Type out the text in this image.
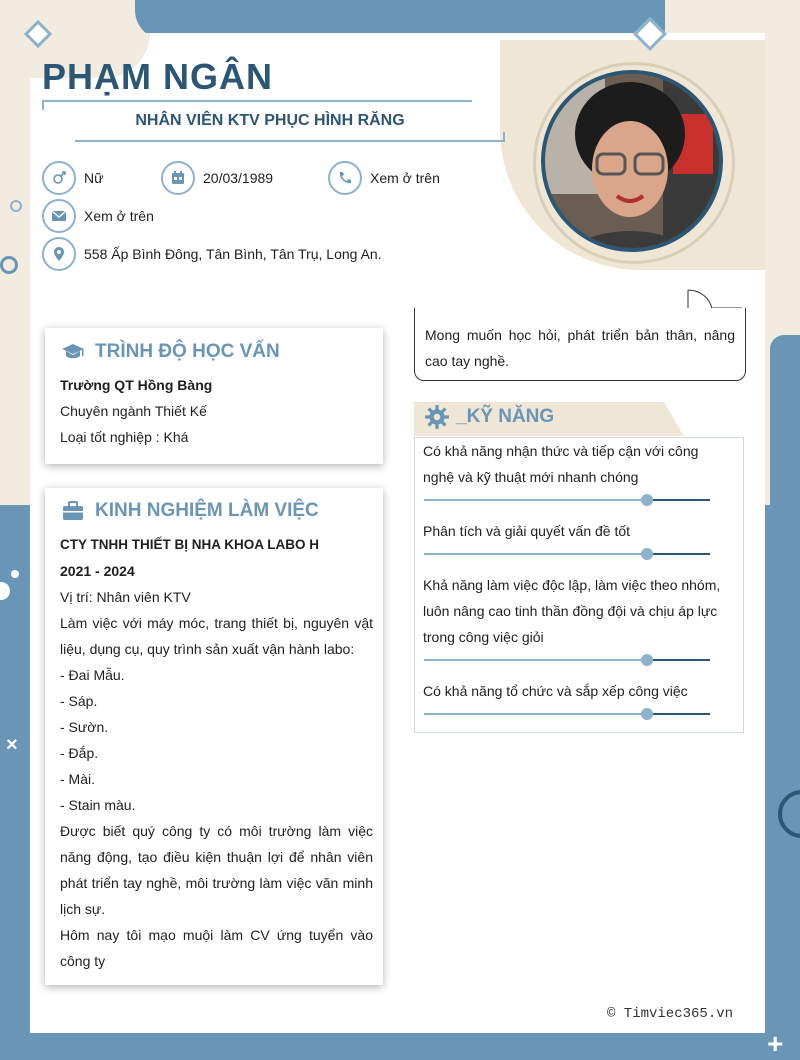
×
+
PHẠM NGÂN
NHÂN VIÊN KTV PHỤC HÌNH RĂNG
Nữ	20/03/1989	Xem ở trên
Xem ở trên
558 Ấp Bình Đông, Tân Bình, Tân Trụ, Long An.

Mong muốn học hỏi, phát triển bản thân, nâng cao tay nghề.

TRÌNH ĐỘ HỌC VẤN

Trường QT Hồng Bàng

Chuyên ngành Thiết Kế

Loại tốt nghiệp : Khá

KINH NGHIỆM LÀM VIỆC

CTY TNHH THIẾT BỊ NHA KHOA LABO H

2021 - 2024

Vị trí: Nhân viên KTV

Làm việc với máy móc, trang thiết bị, nguyên vật liệu, dụng cụ, quy trình sản xuất vận hành labo:

- Đai Mẫu.

- Sáp.

- Sườn.

- Đắp.

- Mài.

- Stain màu.

Được biết quý công ty có môi trường làm việc năng động, tạo điều kiện thuận lợi để nhân viên phát triển tay nghề, môi trường làm việc văn minh lịch sự.

Hôm nay tôi mạo muội làm CV ứng tuyển vào công ty

_KỸ NĂNG
Có khả năng nhận thức và tiếp cận với công nghệ và kỹ thuật mới nhanh chóng
Phân tích và giải quyết vấn đề tốt
Khả năng làm việc độc lập, làm việc theo nhóm, luôn nâng cao tinh thần đồng đội và chịu áp lực trong công việc giỏi
Có khả năng tổ chức và sắp xếp công việc
© Timviec365.vn
